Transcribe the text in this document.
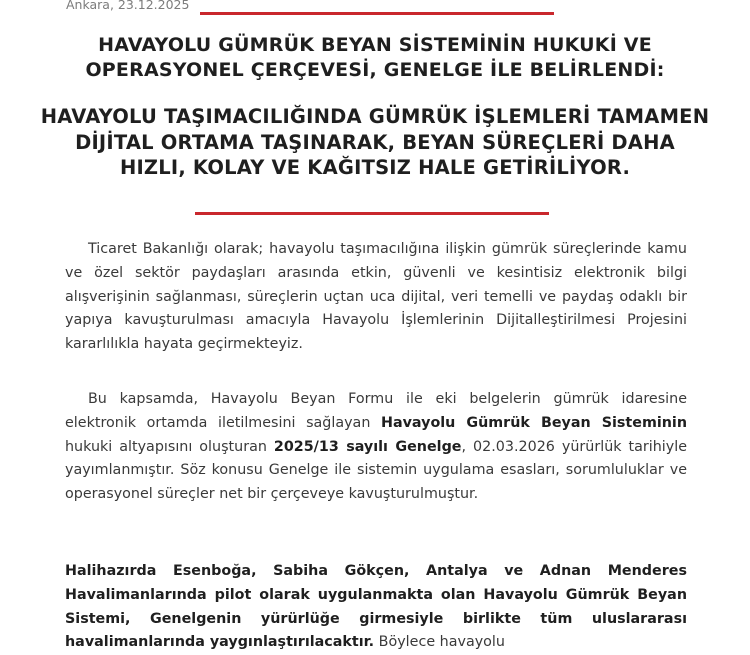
Ankara, 23.12.2025
HAVAYOLU GÜMRÜK BEYAN SİSTEMİNİN HUKUKİ VE OPERASYONEL ÇERÇEVESİ, GENELGE İLE BELİRLENDİ:
HAVAYOLU TAŞIMACILIĞINDA GÜMRÜK İŞLEMLERİ TAMAMEN DİJİTAL ORTAMA TAŞINARAK, BEYAN SÜREÇLERİ DAHA HIZLI, KOLAY VE KAĞITSIZ HALE GETİRİLİYOR.

Ticaret Bakanlığı olarak; havayolu taşımacılığına ilişkin gümrük süreçlerinde kamu ve özel sektör paydaşları arasında etkin, güvenli ve kesintisiz elektronik bilgi alışverişinin sağlanması, süreçlerin uçtan uca dijital, veri temelli ve paydaş odaklı bir yapıya kavuşturulması amacıyla Havayolu İşlemlerinin Dijitalleştirilmesi Projesini kararlılıkla hayata geçirmekteyiz.

Bu kapsamda, Havayolu Beyan Formu ile eki belgelerin gümrük idaresine elektronik ortamda iletilmesini sağlayan Havayolu Gümrük Beyan Sisteminin hukuki altyapısını oluşturan 2025/13 sayılı Genelge, 02.03.2026 yürürlük tarihiyle yayımlanmıştır. Söz konusu Genelge ile sistemin uygulama esasları, sorumluluklar ve operasyonel süreçler net bir çerçeveye kavuşturulmuştur.

Halihazırda Esenboğa, Sabiha Gökçen, Antalya ve Adnan Menderes Havalimanlarında pilot olarak uygulanmakta olan Havayolu Gümrük Beyan Sistemi, Genelgenin yürürlüğe girmesiyle birlikte tüm uluslararası havalimanlarında yaygınlaştırılacaktır. Böylece havayolu
